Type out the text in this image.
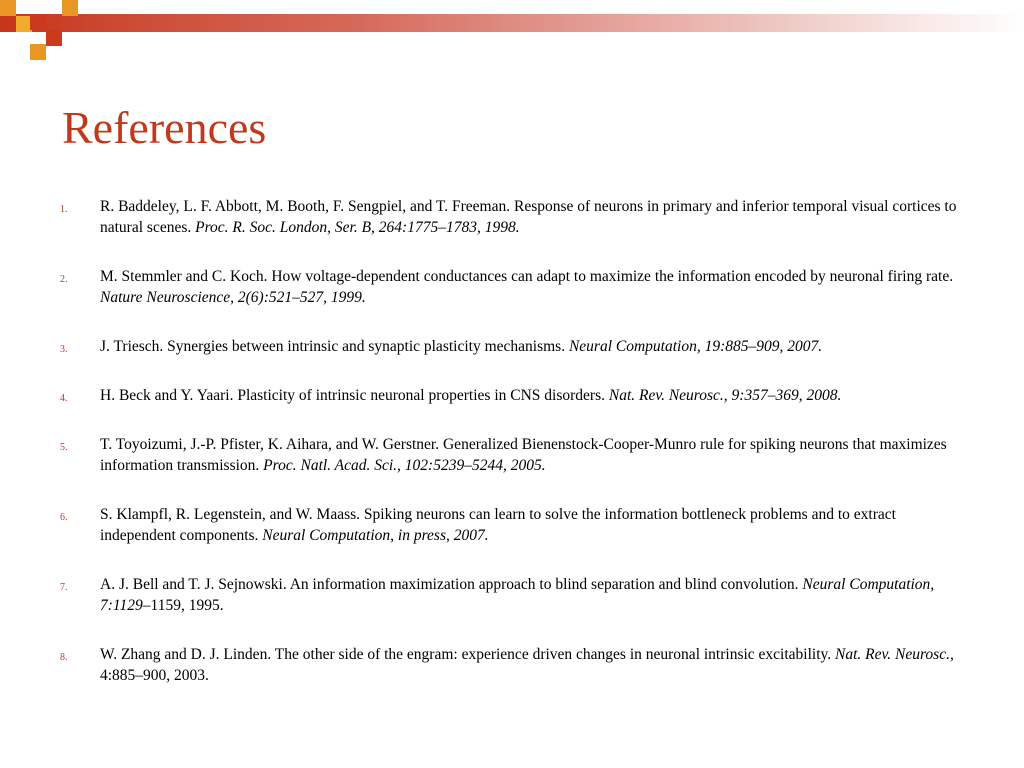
References
1. R. Baddeley, L. F. Abbott, M. Booth, F. Sengpiel, and T. Freeman. Response of neurons in primary and inferior temporal visual cortices to natural scenes. Proc. R. Soc. London, Ser. B, 264:1775–1783, 1998.
2. M. Stemmler and C. Koch. How voltage-dependent conductances can adapt to maximize the information encoded by neuronal firing rate. Nature Neuroscience, 2(6):521–527, 1999.
3. J. Triesch. Synergies between intrinsic and synaptic plasticity mechanisms. Neural Computation, 19:885–909, 2007.
4. H. Beck and Y. Yaari. Plasticity of intrinsic neuronal properties in CNS disorders. Nat. Rev. Neurosc., 9:357–369, 2008.
5. T. Toyoizumi, J.-P. Pfister, K. Aihara, and W. Gerstner. Generalized Bienenstock-Cooper-Munro rule for spiking neurons that maximizes information transmission. Proc. Natl. Acad. Sci., 102:5239–5244, 2005.
6. S. Klampfl, R. Legenstein, and W. Maass. Spiking neurons can learn to solve the information bottleneck problems and to extract independent components. Neural Computation, in press, 2007.
7. A. J. Bell and T. J. Sejnowski. An information maximization approach to blind separation and blind convolution. Neural Computation, 7:1129–1159, 1995.
8. W. Zhang and D. J. Linden. The other side of the engram: experience driven changes in neuronal intrinsic excitability. Nat. Rev. Neurosc., 4:885–900, 2003.
